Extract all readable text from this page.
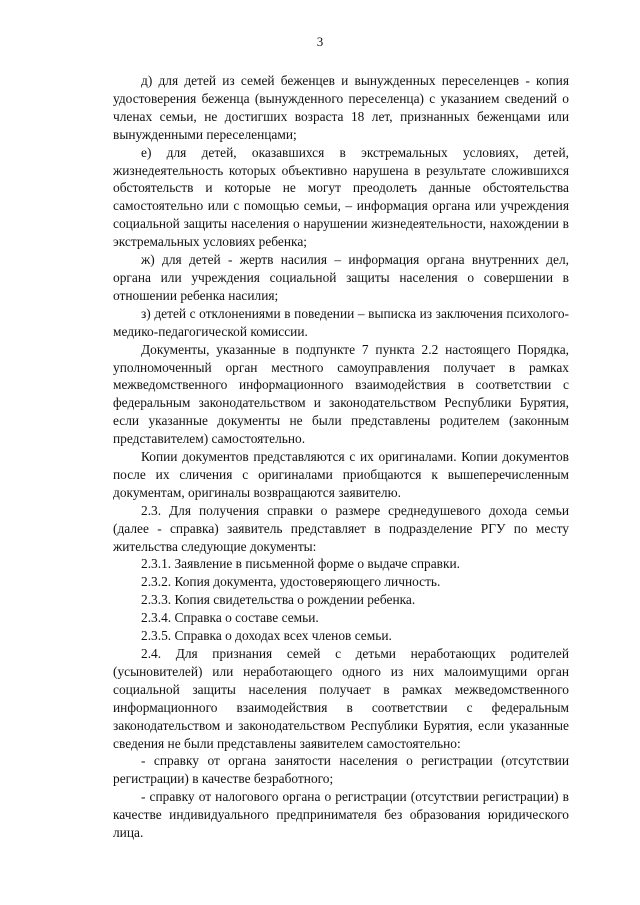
3

д) для детей из семей беженцев и вынужденных переселенцев - копия удостоверения беженца (вынужденного переселенца) с указанием сведений о членах семьи, не достигших возраста 18 лет, признанных беженцами или вынужденными переселенцами;

е) для детей, оказавшихся в экстремальных условиях, детей, жизнедеятельность которых объективно нарушена в результате сложившихся обстоятельств и которые не могут преодолеть данные обстоятельства самостоятельно или с помощью семьи, – информация органа или учреждения социальной защиты населения о нарушении жизнедеятельности, нахождении в экстремальных условиях ребенка;

ж) для детей - жертв насилия – информация органа внутренних дел, органа или учреждения социальной защиты населения о совершении в отношении ребенка насилия;

з) детей с отклонениями в поведении – выписка из заключения психолого-медико-педагогической комиссии.

Документы, указанные в подпункте 7 пункта 2.2 настоящего Порядка, уполномоченный орган местного самоуправления получает в рамках межведомственного информационного взаимодействия в соответствии с федеральным законодательством и законодательством Республики Бурятия, если указанные документы не были представлены родителем (законным представителем) самостоятельно.

Копии документов представляются с их оригиналами. Копии документов после их сличения с оригиналами приобщаются к вышеперечисленным документам, оригиналы возвращаются заявителю.

2.3. Для получения справки о размере среднедушевого дохода семьи (далее - справка) заявитель представляет в подразделение РГУ по месту жительства следующие документы:

2.3.1. Заявление в письменной форме о выдаче справки.

2.3.2. Копия документа, удостоверяющего личность.

2.3.3. Копия свидетельства о рождении ребенка.

2.3.4. Справка о составе семьи.

2.3.5. Справка о доходах всех членов семьи.

2.4. Для признания семей с детьми неработающих родителей (усыновителей) или неработающего одного из них малоимущими орган социальной защиты населения получает в рамках межведомственного информационного взаимодействия в соответствии с федеральным законодательством и законодательством Республики Бурятия, если указанные сведения не были представлены заявителем самостоятельно:

- справку от органа занятости населения о регистрации (отсутствии регистрации) в качестве безработного;

- справку от налогового органа о регистрации (отсутствии регистрации) в качестве индивидуального предпринимателя без образования юридического лица.
